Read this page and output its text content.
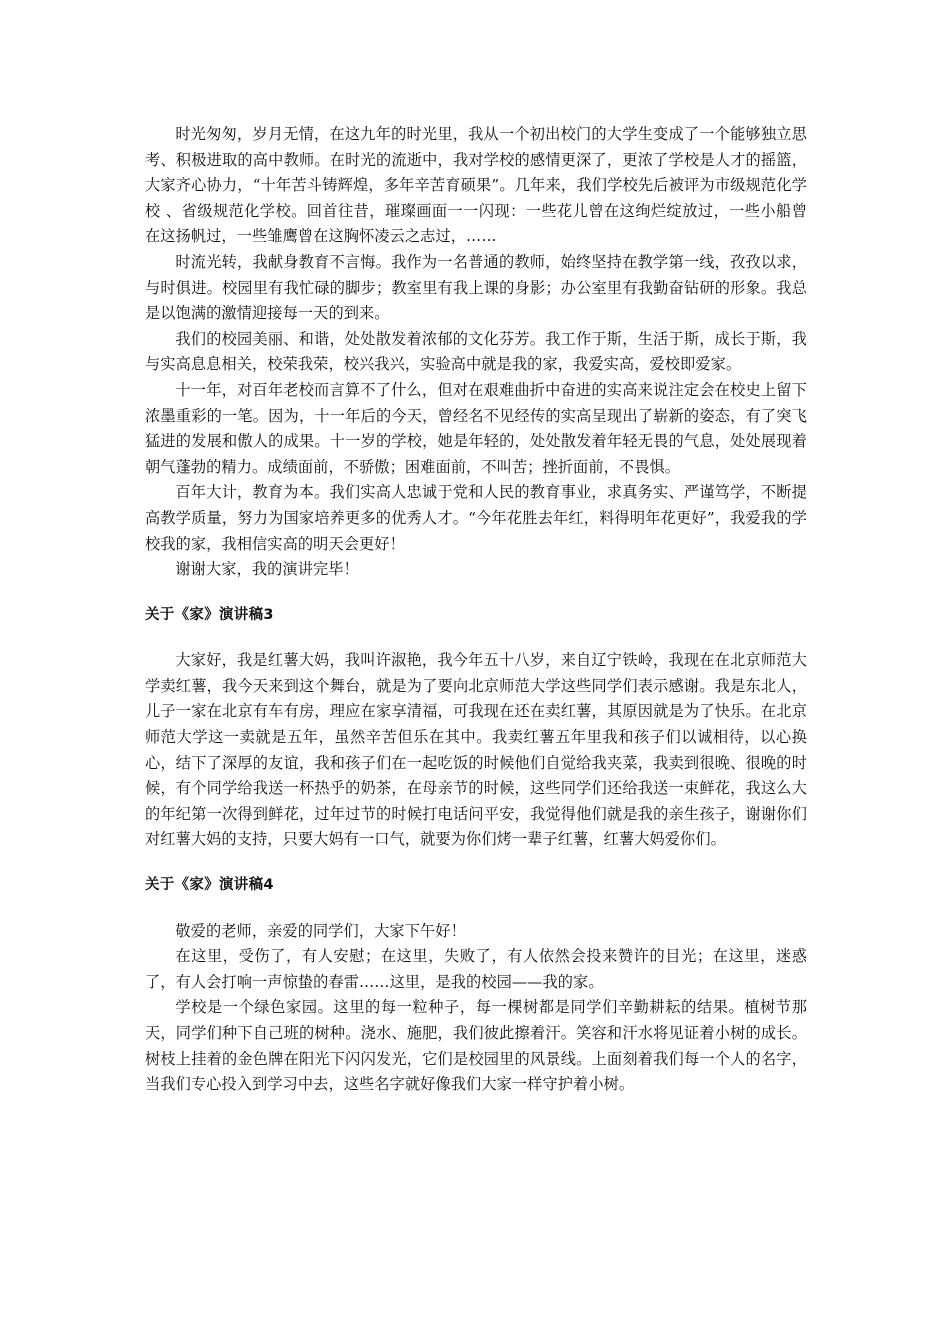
时光匆匆，岁月无情，在这九年的时光里，我从一个初出校门的大学生变成了一个能够独立思考、积极进取的高中教师。在时光的流逝中，我对学校的感情更深了，更浓了学校是人才的摇篮，大家齐心协力，“十年苦斗铸辉煌，多年辛苦育硕果”。几年来，我们学校先后被评为市级规范化学校 、省级规范化学校。回首往昔，璀璨画面一一闪现：一些花儿曾在这绚烂绽放过，一些小船曾在这扬帆过，一些雏鹰曾在这胸怀凌云之志过，……

时流光转，我献身教育不言悔。我作为一名普通的教师，始终坚持在教学第一线，孜孜以求，与时俱进。校园里有我忙碌的脚步；教室里有我上课的身影；办公室里有我勤奋钻研的形象。我总是以饱满的激情迎接每一天的到来。

我们的校园美丽、和谐，处处散发着浓郁的文化芬芳。我工作于斯，生活于斯，成长于斯，我与实高息息相关，校荣我荣，校兴我兴，实验高中就是我的家，我爱实高，爱校即爱家。

十一年，对百年老校而言算不了什么，但对在艰难曲折中奋进的实高来说注定会在校史上留下浓墨重彩的一笔。因为，十一年后的今天，曾经名不见经传的实高呈现出了崭新的姿态，有了突飞猛进的发展和傲人的成果。十一岁的学校，她是年轻的，处处散发着年轻无畏的气息，处处展现着朝气蓬勃的精力。成绩面前，不骄傲；困难面前，不叫苦；挫折面前，不畏惧。

百年大计，教育为本。我们实高人忠诚于党和人民的教育事业，求真务实、严谨笃学，不断提高教学质量，努力为国家培养更多的优秀人才。“今年花胜去年红，料得明年花更好”，我爱我的学校我的家，我相信实高的明天会更好！

谢谢大家，我的演讲完毕！

关于《家》演讲稿3

大家好，我是红薯大妈，我叫许淑艳，我今年五十八岁，来自辽宁铁岭，我现在在北京师范大学卖红薯，我今天来到这个舞台，就是为了要向北京师范大学这些同学们表示感谢。我是东北人，儿子一家在北京有车有房，理应在家享清福，可我现在还在卖红薯，其原因就是为了快乐。在北京师范大学这一卖就是五年，虽然辛苦但乐在其中。我卖红薯五年里我和孩子们以诚相待，以心换心，结下了深厚的友谊，我和孩子们在一起吃饭的时候他们自觉给我夹菜，我卖到很晚、很晚的时候，有个同学给我送一杯热乎的奶茶，在母亲节的时候，这些同学们还给我送一束鲜花，我这么大的年纪第一次得到鲜花，过年过节的时候打电话问平安，我觉得他们就是我的亲生孩子，谢谢你们对红薯大妈的支持，只要大妈有一口气，就要为你们烤一辈子红薯，红薯大妈爱你们。

关于《家》演讲稿4

敬爱的老师，亲爱的同学们，大家下午好！

在这里，受伤了，有人安慰；在这里，失败了，有人依然会投来赞许的目光；在这里，迷惑了，有人会打响一声惊蛰的春雷……这里，是我的校园——我的家。

学校是一个绿色家园。这里的每一粒种子，每一棵树都是同学们辛勤耕耘的结果。植树节那天，同学们种下自己班的树种。浇水、施肥，我们彼此擦着汗。笑容和汗水将见证着小树的成长。树枝上挂着的金色牌在阳光下闪闪发光，它们是校园里的风景线。上面刻着我们每一个人的名字，当我们专心投入到学习中去，这些名字就好像我们大家一样守护着小树。
